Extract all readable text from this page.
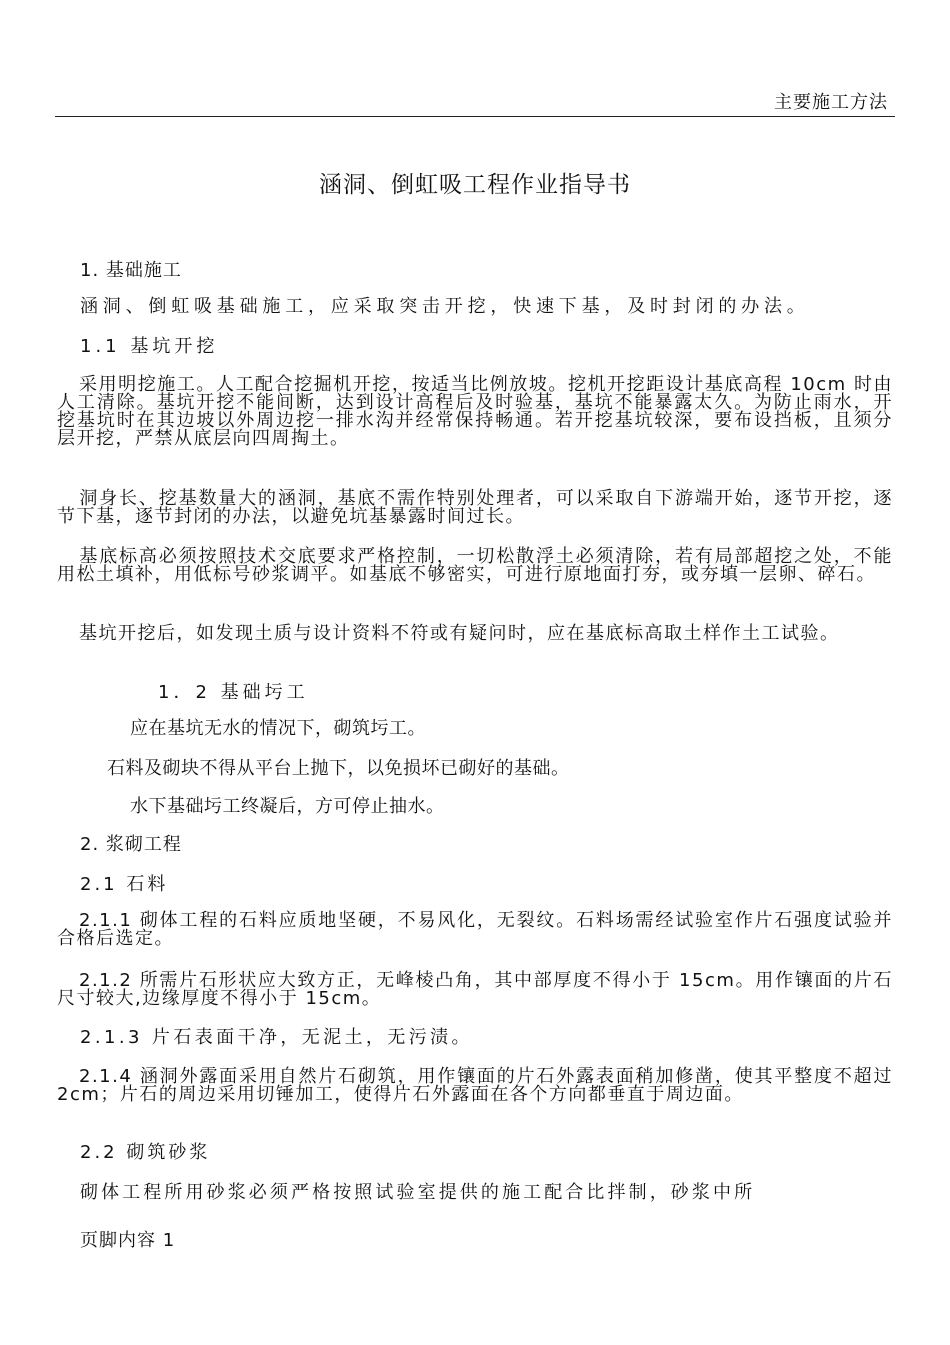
主要施工方法
涵洞、倒虹吸工程作业指导书
1. 基础施工
涵洞、倒虹吸基础施工，应采取突击开挖，快速下基，及时封闭的办法。
1.1 基坑开挖
采用明挖施工。人工配合挖掘机开挖，按适当比例放坡。挖机开挖距设计基底高程 10cm 时由人工清除。基坑开挖不能间断，达到设计高程后及时验基，基坑不能暴露太久。为防止雨水，开挖基坑时在其边坡以外周边挖一排水沟并经常保持畅通。若开挖基坑较深，要布设挡板，且须分层开挖，严禁从底层向四周掏土。
洞身长、挖基数量大的涵洞，基底不需作特别处理者，可以采取自下游端开始，逐节开挖，逐节下基，逐节封闭的办法，以避免坑基暴露时间过长。
基底标高必须按照技术交底要求严格控制，一切松散浮土必须清除，若有局部超挖之处，不能用松土填补，用低标号砂浆调平。如基底不够密实，可进行原地面打夯，或夯填一层卵、碎石。
基坑开挖后，如发现土质与设计资料不符或有疑问时，应在基底标高取土样作土工试验。
1．2 基础圬工
应在基坑无水的情况下，砌筑圬工。
石料及砌块不得从平台上抛下，以免损坏已砌好的基础。
水下基础圬工终凝后，方可停止抽水。
2. 浆砌工程
2.1 石料
2.1.1 砌体工程的石料应质地坚硬，不易风化，无裂纹。石料场需经试验室作片石强度试验并合格后选定。
2.1.2 所需片石形状应大致方正，无峰棱凸角，其中部厚度不得小于 15cm。用作镶面的片石尺寸较大,边缘厚度不得小于 15cm。
2.1.3 片石表面干净，无泥土，无污渍。
2.1.4 涵洞外露面采用自然片石砌筑，用作镶面的片石外露表面稍加修凿，使其平整度不超过 2cm；片石的周边采用切锤加工，使得片石外露面在各个方向都垂直于周边面。
2.2 砌筑砂浆
砌体工程所用砂浆必须严格按照试验室提供的施工配合比拌制，砂浆中所
页脚内容 1
